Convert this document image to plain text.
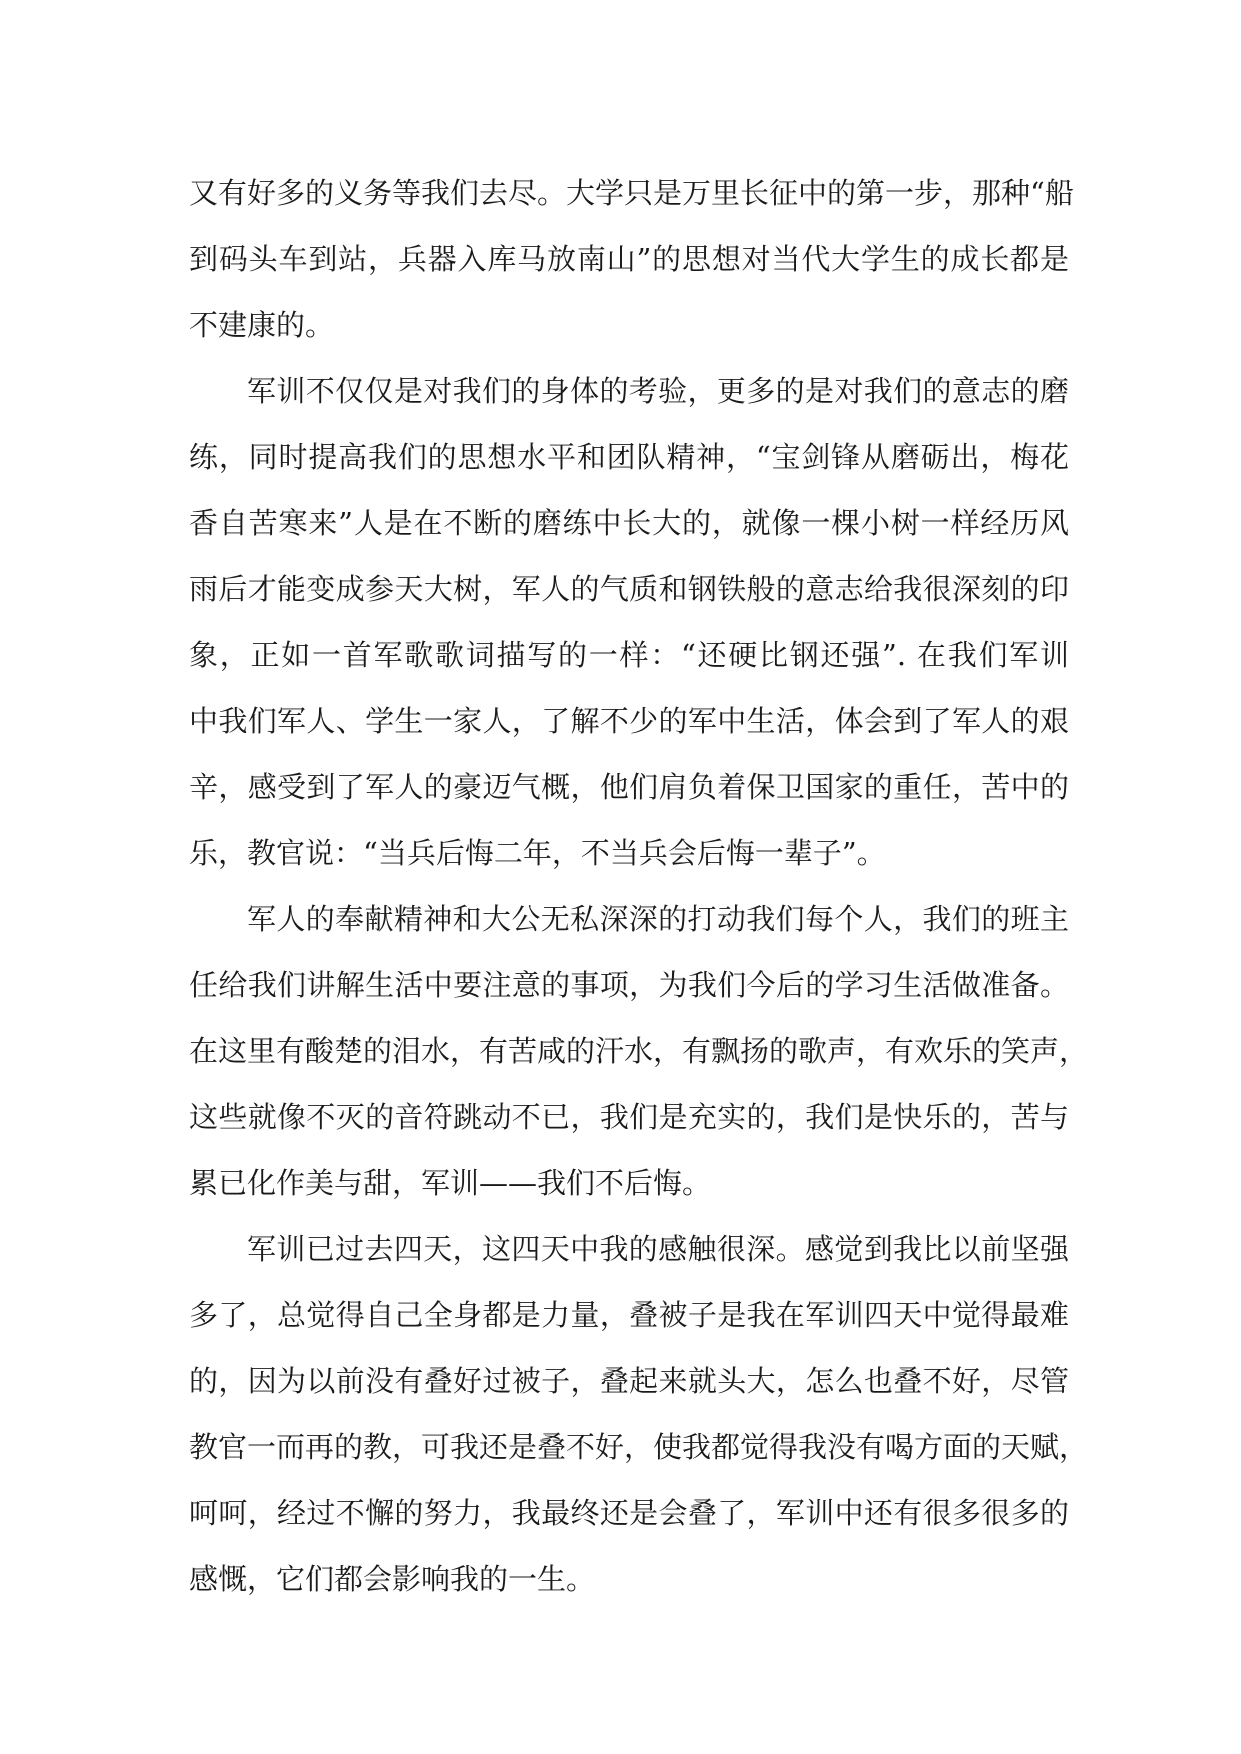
又有好多的义务等我们去尽。大学只是万里长征中的第一步，那种“船
到码头车到站，兵器入库马放南山”的思想对当代大学生的成长都是
不建康的。
军训不仅仅是对我们的身体的考验，更多的是对我们的意志的磨
练，同时提高我们的思想水平和团队精神，“宝剑锋从磨砺出，梅花
香自苦寒来”人是在不断的磨练中长大的，就像一棵小树一样经历风
雨后才能变成参天大树，军人的气质和钢铁般的意志给我很深刻的印
象，正如一首军歌歌词描写的一样：“还硬比钢还强”. 在我们军训
中我们军人、学生一家人，了解不少的军中生活，体会到了军人的艰
辛，感受到了军人的豪迈气概，他们肩负着保卫国家的重任，苦中的
乐，教官说：“当兵后悔二年，不当兵会后悔一辈子”。
军人的奉献精神和大公无私深深的打动我们每个人，我们的班主
任给我们讲解生活中要注意的事项，为我们今后的学习生活做准备。
在这里有酸楚的泪水，有苦咸的汗水，有飘扬的歌声，有欢乐的笑声，
这些就像不灭的音符跳动不已，我们是充实的，我们是快乐的，苦与
累已化作美与甜，军训——我们不后悔。
军训已过去四天，这四天中我的感触很深。感觉到我比以前坚强
多了，总觉得自己全身都是力量，叠被子是我在军训四天中觉得最难
的，因为以前没有叠好过被子，叠起来就头大，怎么也叠不好，尽管
教官一而再的教，可我还是叠不好，使我都觉得我没有喝方面的天赋，
呵呵，经过不懈的努力，我最终还是会叠了，军训中还有很多很多的
感慨，它们都会影响我的一生。
